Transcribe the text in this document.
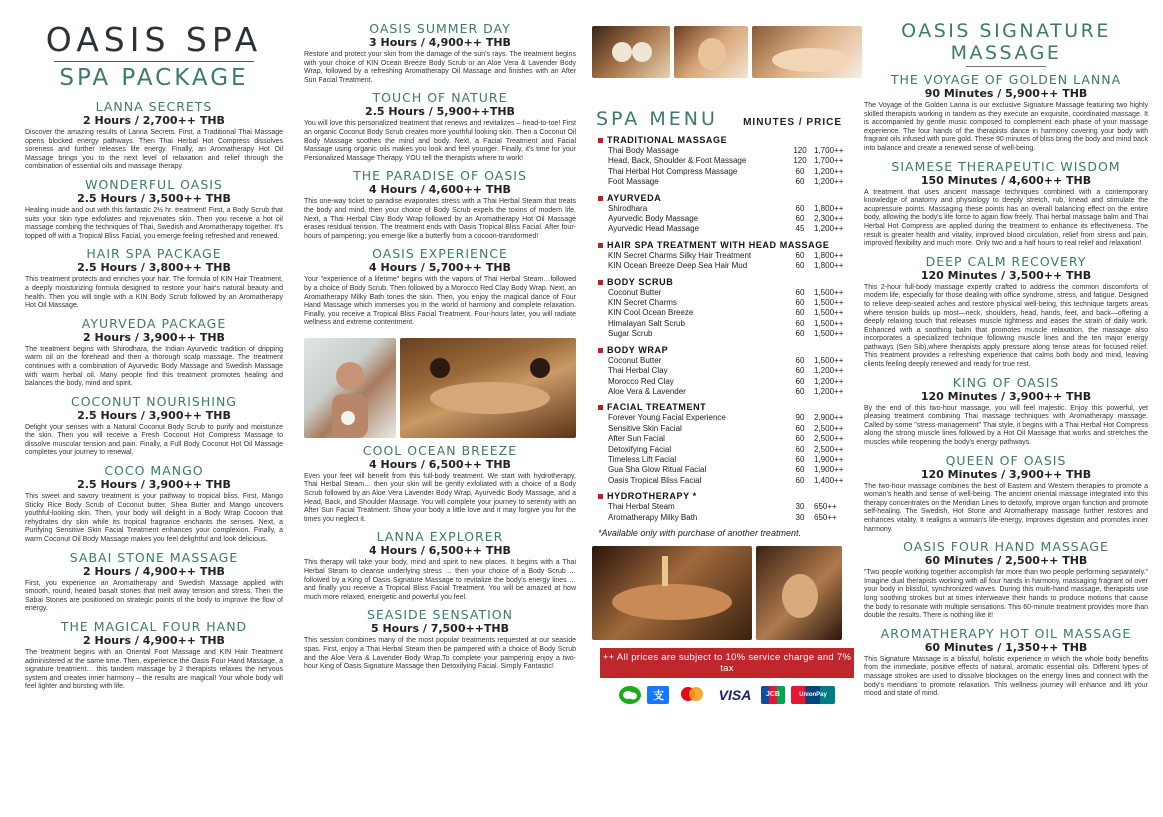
OASIS SPA
SPA PACKAGE
LANNA SECRETS
2 Hours / 2,700++ THB
Discover the amazing results of Lanna Secrets. First, a Traditional Thai Massage opens blocked energy pathways. Then Thai Herbal Hot Compress dissolves soreness and further releases life energy. Finally, an Aromatherapy Hot Oil Massage brings you to the next level of relaxation and relief through the combination of essential oils and massage therapy.
WONDERFUL OASIS
2.5 Hours / 3,500++ THB
Healing inside and out with this fantastic 2½ hr. treatment! First, a Body Scrub that suits your skin type exfoliates and rejuvenates skin. Then you receive a hot oil massage combing the techniques of Thai, Swedish and Aromatherapy together. It's topped off with a Tropical Bliss Facial, you emerge feeling refreshed and renewed.
HAIR SPA PACKAGE
2.5 Hours / 3,800++ THB
This treatment protects and enriches your hair. The formula of KIN Hair Treatment, a deeply moisturizing formula designed to restore your hair's natural beauty and health. Then you will tingle with a KIN Body Scrub followed by an Aromatherapy Hot Oil Massage.
AYURVEDA PACKAGE
2 Hours / 3,900++ THB
The treatment begins with Shirodhara, the Indian Ayurvedic tradition of dripping warm oil on the forehead and then a thorough scalp massage. The treatment continues with a combination of Ayurvedic Body Massage and Swedish Massage with warm herbal oil. Many people find this treatment promotes healing and balances the body, mind and spirit.
COCONUT NOURISHING
2.5 Hours / 3,900++ THB
Delight your senses with a Natural Coconut Body Scrub to purify and moisturize the skin. Then you will receive a Fresh Coconut Hot Compress Massage to dissolve muscular tension and pain. Finally, a Full Body Coconut Hot Oil Massage completes your journey to renewal.
COCO MANGO
2.5 Hours / 3,900++ THB
This sweet and savory treatment is your pathway to tropical bliss. First, Mango Sticky Rice Body Scrub of Coconut butter, Shea Butter and Mango uncovers youthful-looking skin. Then, your body will delight in a Body Wrap Cocoon that rehydrates dry skin while its tropical fragrance enchants the senses. Next, a Purifying Sensitive Skin Facial Treatment enhances your complexion. Finally, a warm Coconut Oil Body Massage makes you feel delightful and look delicious.
SABAI STONE MASSAGE
2 Hours / 4,900++ THB
First, you experience an Aromatherapy and Swedish Massage applied with smooth, round, heated basalt stones that melt away tension and stress. Then the Sabai Stones are positioned on strategic points of the body to improve the flow of energy.
THE MAGICAL FOUR HAND
2 Hours / 4,900++ THB
The treatment begins with an Oriental Foot Massage and KIN Hair Treatment administered at the same time. Then, experience the Oasis Four Hand Massage, a signature treatment… this tandem massage by 2 therapists relaxes the nervous system and creates inner harmony – the results are magical! Your whole body will feel lighter and bursting with life.
OASIS SUMMER DAY
3 Hours / 4,900++ THB
Restore and protect your skin from the damage of the sun's rays. The treatment begins with your choice of KIN Ocean Breeze Body Scrub or an Aloe Vera & Lavender Body Wrap, followed by a refreshing Aromatherapy Oil Massage and finishes with an After Sun Facial Treatment.
TOUCH OF NATURE
2.5 Hours / 5,900++THB
You will love this personalized treatment that renews and revitalizes – head-to-toe! First an organic Coconut Body Scrub creates more youthful looking skin. Then a Coconut Oil Body Massage soothes the mind and body. Next, a Facial Treatment and Facial Massage using organic oils makes you look and feel younger. Finally, it's time for your Personalized Massage Therapy. YOU tell the therapists where to work!
THE PARADISE OF OASIS
4 Hours / 4,600++ THB
This one-way ticket to paradise evaporates stress with a Thai Herbal Steam that treats the body and mind, then your choice of Body Scrub expels the toxins of modern life. Next, a Thai Herbal Clay Body Wrap followed by an Aromatherapy Hot Oil Massage erases residual tension. The treatment ends with Oasis Tropical Bliss Facial. After four-hours of pampering; you emerge like a butterfly from a cocoon-transformed!
OASIS EXPERIENCE
4 Hours / 5,700++ THB
Your "experience of a lifetime" begins with the vapors of Thai Herbal Steam…followed by a choice of Body Scrub. Then followed by a Morocco Red Clay Body Wrap. Next, an Aromatherapy Milky Bath tones the skin. Then, you enjoy the magical dance of Four Hand Massage which immerses you in the world of harmony and complete relaxation. Finally, you receive a Tropical Bliss Facial Treatment. Four-hours later, you will radiate wellness and extreme contentment.
COOL OCEAN BREEZE
4 Hours / 6,500++ THB
Even your feet will benefit from this full-body treatment. We start with hydrotherapy, Thai Herbal Steam… then your skin will be gently exfoliated with a choice of a Body Scrub followed by an Aloe Vera Lavender Body Wrap, Ayurvedic Body Massage, and a Head, Back, and Shoulder Massage. You will complete your journey to serenity with an After Sun Facial Treatment. Show your body a little love and it may forgive you for the times you neglect it.
LANNA EXPLORER
4 Hours / 6,500++ THB
This therapy will take your body, mind and spirit to new places. It begins with a Thai Herbal Steam to cleanse underlying stress … then your choice of a Body Scrub …followed by a King of Oasis Signature Massage to revitalize the body's energy lines … and finally you receive a Tropical Bliss Facial Treatment. You will be amazed at how much more relaxed, energetic and powerful you feel.
SEASIDE SENSATION
5 Hours / 7,500++THB
This session combines many of the most popular treatments requested at our seaside spas. First, enjoy a Thai Herbal Steam then be pampered with a choice of Body Scrub and the Aloe Vera & Lavender Body Wrap.To complete your pampering enjoy a two-hour King of Oasis Signature Massage then Detoxifying Facial. Simply Fantastic!
SPA MENU	MINUTES / PRICE
TRADITIONAL MASSAGE
Thai Body Massage	120 1,700++
Head, Back, Shoulder & Foot Massage	120 1,700++
Thai Herbal Hot Compress Massage	60	1,200++
Foot Massage	60	1,200++
AYURVEDA
Shirodhara	60	1,800++
Ayurvedic Body Massage	60	2,300++
Ayurvedic Head Massage	45	1,200++
HAIR SPA TREATMENT WITH HEAD MASSAGE
KIN Secret Charms Silky Hair Treatment	60	1,800++
KIN Ocean Breeze Deep Sea Hair Mud	60	1,800++
BODY SCRUB
Coconut Butter	60	1,500++
KIN Secret Charms	60	1,500++
KIN Cool Ocean Breeze	60	1,500++
Himalayan Salt Scrub	60	1,500++
Sugar Scrub	60	1,500++
BODY WRAP
Coconut Butter	60	1,500++
Thai Herbal Clay	60	1,200++
Morocco Red Clay	60	1,200++
Aloe Vera & Lavender	60	1,200++
FACIAL TREATMENT
Forever Young Facial Experience	90	2,900++
Sensitive Skin Facial	60	2,500++
After Sun Facial	60	2,500++
Detoxifying Facial	60	2,500++
Timeless Lift Facial	60	1,900++
Gua Sha Glow Ritual Facial	60	1,900++
Oasis Tropical Bliss Facial	60	1,400++
HYDROTHERAPY *
Thai Herbal Steam	30	650++
Aromatherapy Milky Bath	30	650++
*Available only with purchase of another treatment.
++ All prices are subject to 10% service charge and 7% tax
支	VISA	JCB	UnionPay
OASIS SIGNATURE MASSAGE
THE VOYAGE OF GOLDEN LANNA
90 Minutes / 5,900++ THB
The Voyage of the Golden Lanna is our exclusive Signature Massage featuring two highly skilled therapists working in tandem as they execute an exquisite, coordinated massage. It is accompanied by gentle music composed to complement each phase of your massage experience. The four hands of the therapists dance in harmony covering your body with fragrant oils infused with pure gold. These 90 minutes of bliss bring the body and mind back into balance and create a renewed sense of well-being.
SIAMESE THERAPEUTIC WISDOM
150 Minutes / 4,600++ THB
A treatment that uses ancient massage techniques combined with a contemporary knowledge of anatomy and physiology to deeply stretch, rub, knead and stimulate the acupressure points. Massaging these points has an overall balancing effect on the entire body, allowing the body's life force to again flow freely. Thai herbal massage balm and Thai Herbal Hot Compress are applied during the treatment to enhance its effectiveness. The result is greater health and vitality, improved blood circulation, relief from stress and pain, improved flexibility and much more. Only two and a half hours to real relief and relaxation!
DEEP CALM RECOVERY
120 Minutes / 3,500++ THB
This 2-hour full-body massage expertly crafted to address the common discomforts of modern life, especially for those dealing with office syndrome, stress, and fatigue. Designed to relieve deep-seated aches and restore physical well-being, this technique targets areas where tension builds up most—neck, shoulders, head, hands, feet, and back—offering a deeply relaxing touch that releases muscle tightness and eases the strain of daily work. Enhanced with a soothing balm that promotes muscle relaxation, the massage also incorporates a specialized technique following muscle lines and the ten major energy pathways (Sen Sib),where therapists apply pressure along tense areas for focused relief. This treatment provides a refreshing experience that calms both body and mind, leaving clients feeling deeply renewed and ready for true rest.
KING OF OASIS
120 Minutes / 3,900++ THB
By the end of this two-hour massage, you will feel majestic. Enjoy this powerful, yet pleasing treatment combining Thai massage techniques with Aromatherapy massage. Called by some "stress-management" Thai style, it begins with a Thai Herbal Hot Compress along the strong muscle lines followed by a Hot Oil Massage that works and stretches the muscles while reopening the body's energy pathways.
QUEEN OF OASIS
120 Minutes / 3,900++ THB
The two-hour massage combines the best of Eastern and Western therapies to promote a woman's health and sense of well-being. The ancient oriental massage integrated into this therapy concentrates on the Meridian Lines to detoxify, improve organ function and promote self-healing. The Swedish, Hot Stone and Aromatherapy massage further restores and enhances vitality. It realigns a woman's life-energy, improves digestion and promotes inner harmony.
OASIS FOUR HAND MASSAGE
60 Minutes / 2,500++ THB
"Two people working together accomplish far more than two people performing separately." Imagine dual therapists working with all four hands in harmony, massaging fragrant oil over your body in blissful, synchronized waves. During this multi-hand massage, therapists use long soothing strokes but at times interweave their hands to produce motions that cause the body to resonate with multiple sensations. This 60-minute treatment provides more than double the results. There is nothing like it!
AROMATHERAPY HOT OIL MASSAGE
60 Minutes / 1,350++ THB
This Signature Massage is a blissful, holistic experience in which the whole body benefits from the immediate, positive effects of natural, aromatic essential oils. Different types of massage strokes are used to dissolve blockages on the energy lines and connect with the body's meridians to promote relaxation. This wellness journey will enhance and lift your mood and state of mind.
